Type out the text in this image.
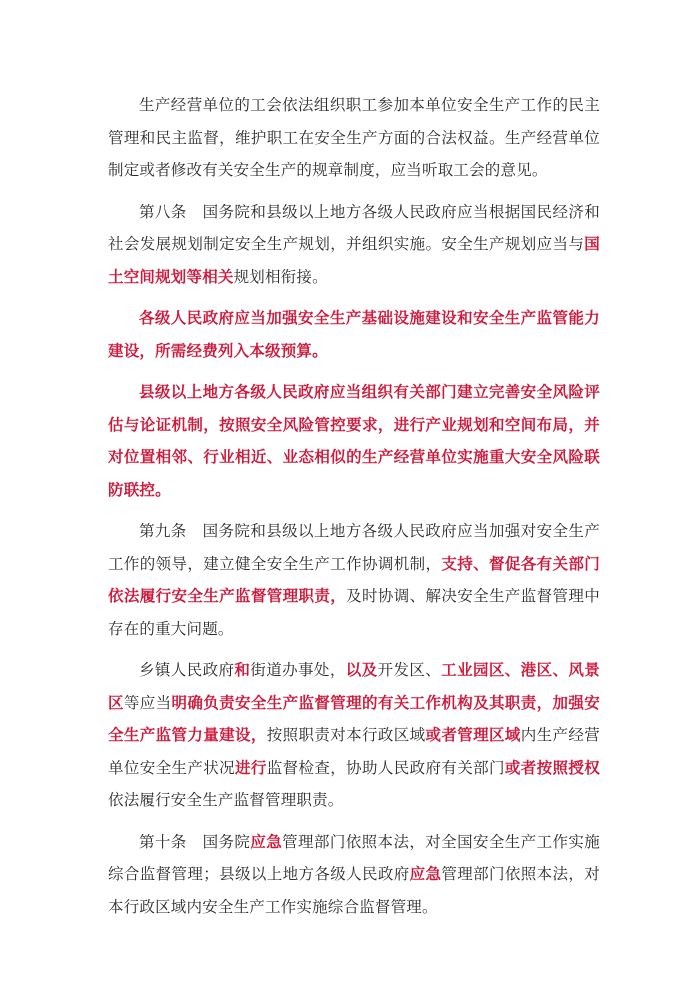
生产经营单位的工会依法组织职工参加本单位安全生产工作的民主管理和民主监督，维护职工在安全生产方面的合法权益。生产经营单位制定或者修改有关安全生产的规章制度，应当听取工会的意见。

第八条　国务院和县级以上地方各级人民政府应当根据国民经济和社会发展规划制定安全生产规划，并组织实施。安全生产规划应当与国土空间规划等相关规划相衔接。

各级人民政府应当加强安全生产基础设施建设和安全生产监管能力建设，所需经费列入本级预算。

县级以上地方各级人民政府应当组织有关部门建立完善安全风险评估与论证机制，按照安全风险管控要求，进行产业规划和空间布局，并对位置相邻、行业相近、业态相似的生产经营单位实施重大安全风险联防联控。

第九条　国务院和县级以上地方各级人民政府应当加强对安全生产工作的领导，建立健全安全生产工作协调机制，支持、督促各有关部门依法履行安全生产监督管理职责，及时协调、解决安全生产监督管理中存在的重大问题。

乡镇人民政府和街道办事处，以及开发区、工业园区、港区、风景区等应当明确负责安全生产监督管理的有关工作机构及其职责，加强安全生产监管力量建设，按照职责对本行政区域或者管理区域内生产经营单位安全生产状况进行监督检查，协助人民政府有关部门或者按照授权依法履行安全生产监督管理职责。

第十条　国务院应急管理部门依照本法，对全国安全生产工作实施综合监督管理；县级以上地方各级人民政府应急管理部门依照本法，对本行政区域内安全生产工作实施综合监督管理。
